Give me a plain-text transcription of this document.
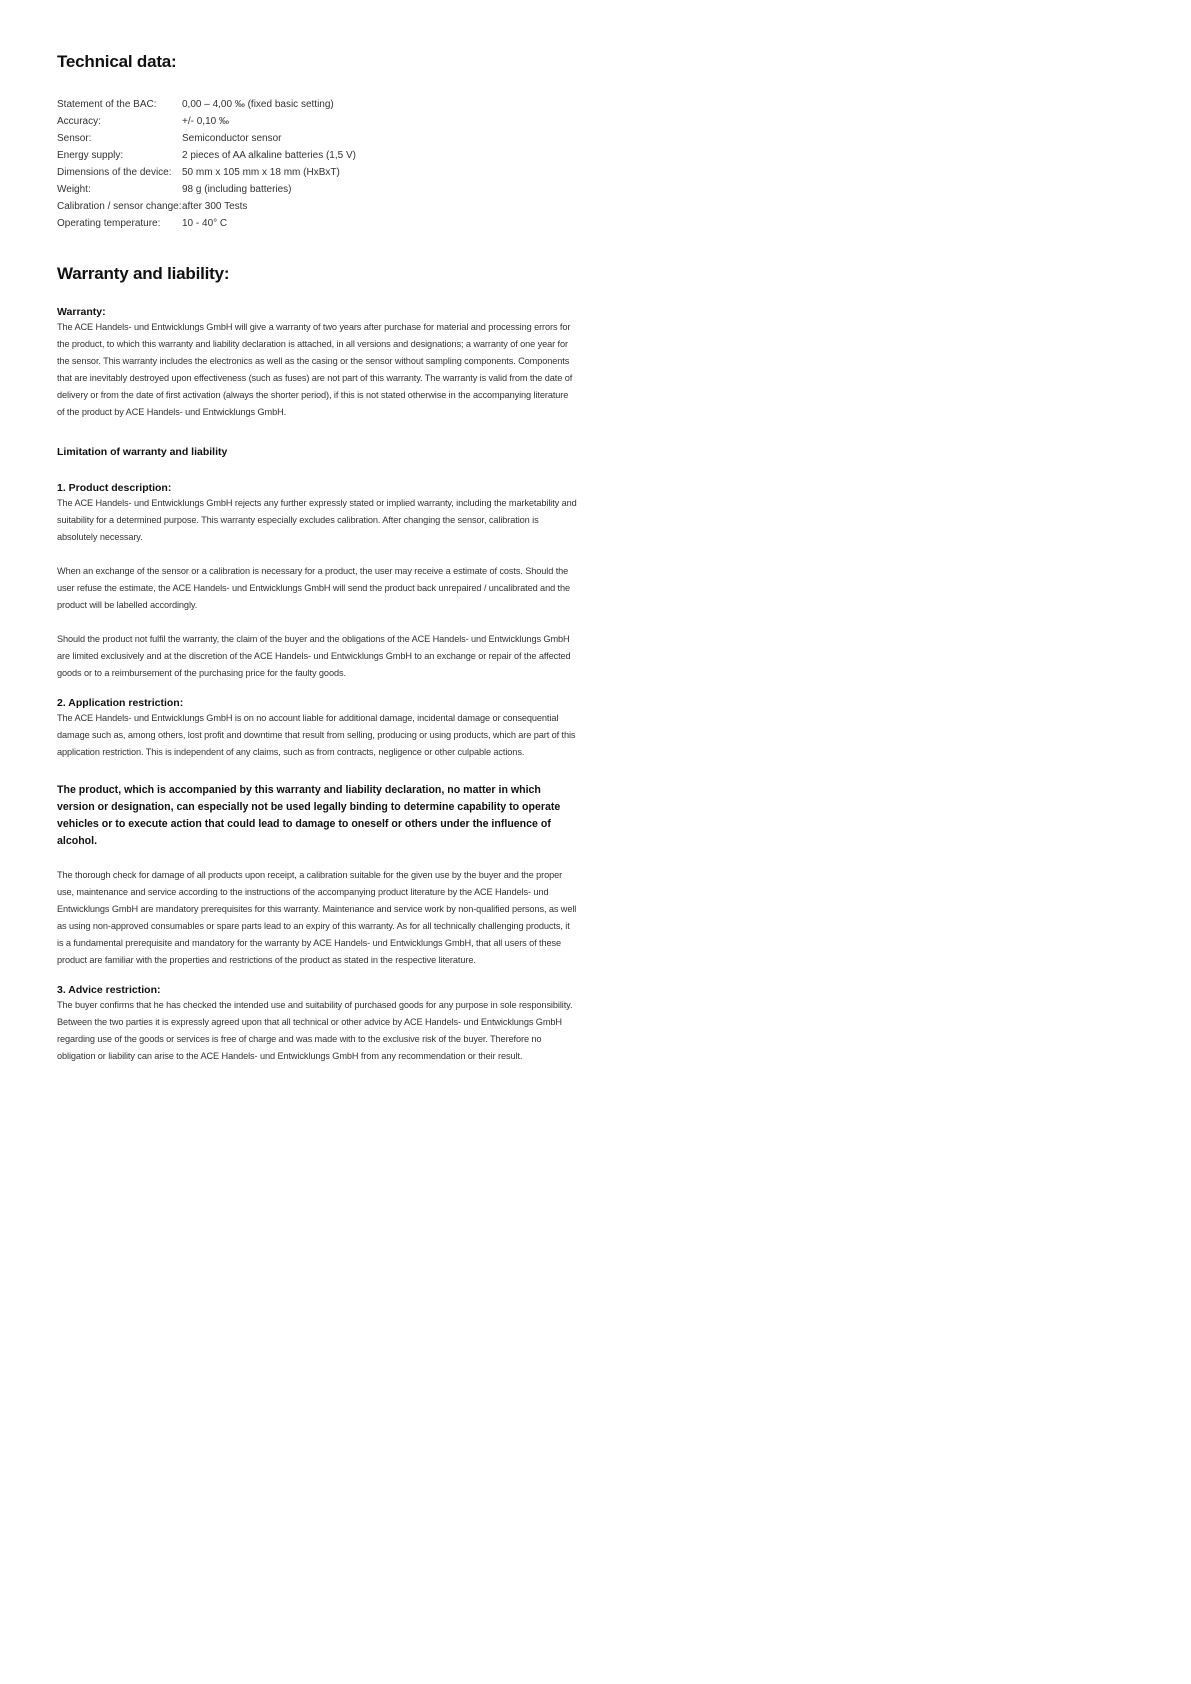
Technical data:
Statement of the BAC:	0,00 – 4,00 ‰ (fixed basic setting)
Accuracy:	+/- 0,10 ‰
Sensor:	Semiconductor sensor
Energy supply:	2 pieces of AA alkaline batteries (1,5 V)
Dimensions of the device:	50 mm x 105 mm x 18 mm (HxBxT)
Weight:	98 g (including batteries)
Calibration / sensor change:	after 300 Tests
Operating temperature:	10 - 40° C
Warranty and liability:
Warranty:

The ACE Handels- und Entwicklungs GmbH will give a warranty of two years after purchase for material and processing errors for the product, to which this warranty and liability declaration is attached, in all versions and designations; a warranty of one year for the sensor. This warranty includes the electronics as well as the casing or the sensor without sampling components. Components that are inevitably destroyed upon effectiveness (such as fuses) are not part of this warranty. The warranty is valid from the date of delivery or from the date of first activation (always the shorter period), if this is not stated otherwise in the accompanying literature of the product by ACE Handels- und Entwicklungs GmbH.

Limitation of warranty and liability
1. Product description:

The ACE Handels- und Entwicklungs GmbH rejects any further expressly stated or implied warranty, including the marketability and suitability for a determined purpose. This warranty especially excludes calibration. After changing the sensor, calibration is absolutely necessary.

When an exchange of the sensor or a calibration is necessary for a product, the user may receive a estimate of costs. Should the user refuse the estimate, the ACE Handels- und Entwicklungs GmbH will send the product back unrepaired / uncalibrated and the product will be labelled accordingly.

Should the product not fulfil the warranty, the claim of the buyer and the obligations of the ACE Handels- und Entwicklungs GmbH are limited exclusively and at the discretion of the ACE Handels- und Entwicklungs GmbH to an exchange or repair of the affected goods or to a reimbursement of the purchasing price for the faulty goods.

2. Application restriction:

The ACE Handels- und Entwicklungs GmbH is on no account liable for additional damage, incidental damage or consequential damage such as, among others, lost profit and downtime that result from selling, producing or using products, which are part of this application restriction. This is independent of any claims, such as from contracts, negligence or other culpable actions.

The product, which is accompanied by this warranty and liability declaration, no matter in which version or designation, can especially not be used legally binding to determine capability to operate vehicles or to execute action that could lead to damage to oneself or others under the influence of alcohol.

The thorough check for damage of all products upon receipt, a calibration suitable for the given use by the buyer and the proper use, maintenance and service according to the instructions of the accompanying product literature by the ACE Handels- und Entwicklungs GmbH are mandatory prerequisites for this warranty. Maintenance and service work by non-qualified persons, as well as using non-approved consumables or spare parts lead to an expiry of this warranty. As for all technically challenging products, it is a fundamental prerequisite and mandatory for the warranty by ACE Handels- und Entwicklungs GmbH, that all users of these product are familiar with the properties and restrictions of the product as stated in the respective literature.

3. Advice restriction:

The buyer confirms that he has checked the intended use and suitability of purchased goods for any purpose in sole responsibility. Between the two parties it is expressly agreed upon that all technical or other advice by ACE Handels- und Entwicklungs GmbH regarding use of the goods or services is free of charge and was made with to the exclusive risk of the buyer. Therefore no obligation or liability can arise to the ACE Handels- und Entwicklungs GmbH from any recommendation or their result.
